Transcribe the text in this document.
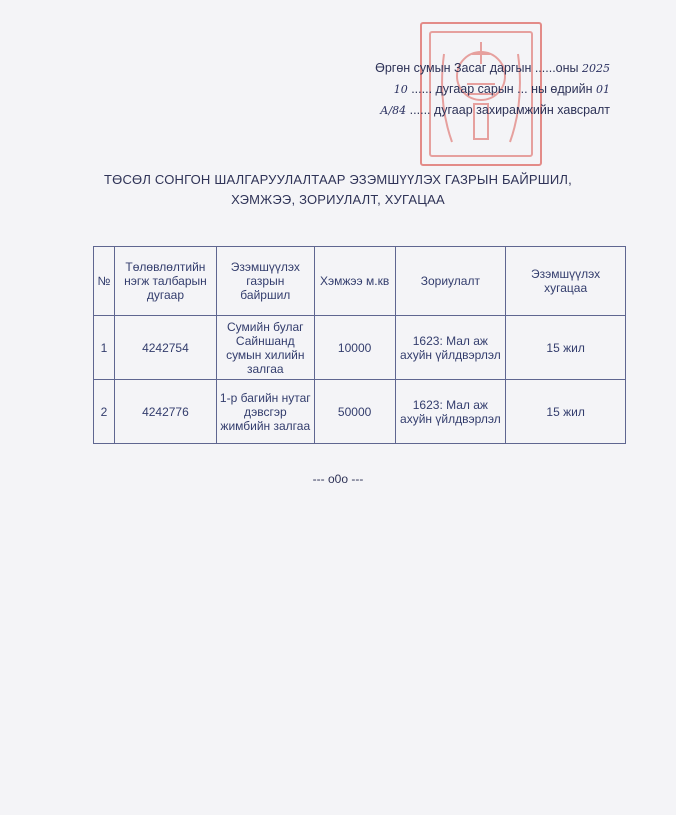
Өргөн сумын Засаг даргын ......оны 2025
10 ...... дугаар сарын ... ны өдрийн 01
А/84 ...... дугаар захирамжийн хавсралт
ТӨСӨЛ СОНГОН ШАЛГАРУУЛАЛТААР ЭЗЭМШҮҮЛЭХ ГАЗРЫН БАЙРШИЛ,
ХЭМЖЭЭ, ЗОРИУЛАЛТ, ХУГАЦАА
№	Төлөвлөлтийн нэгж талбарын дугаар	Эзэмшүүлэх газрын байршил	Хэмжээ м.кв	Зориулалт	Эзэмшүүлэх хугацаа
1	4242754	Сумийн булаг Сайншанд сумын хилийн залгаа	10000	1623: Мал аж ахуйн үйлдвэрлэл	15 жил
2	4242776	1-р багийн нутаг дэвсгэр жимбийн залгаа	50000	1623: Мал аж ахуйн үйлдвэрлэл	15 жил
--- o0o ---
